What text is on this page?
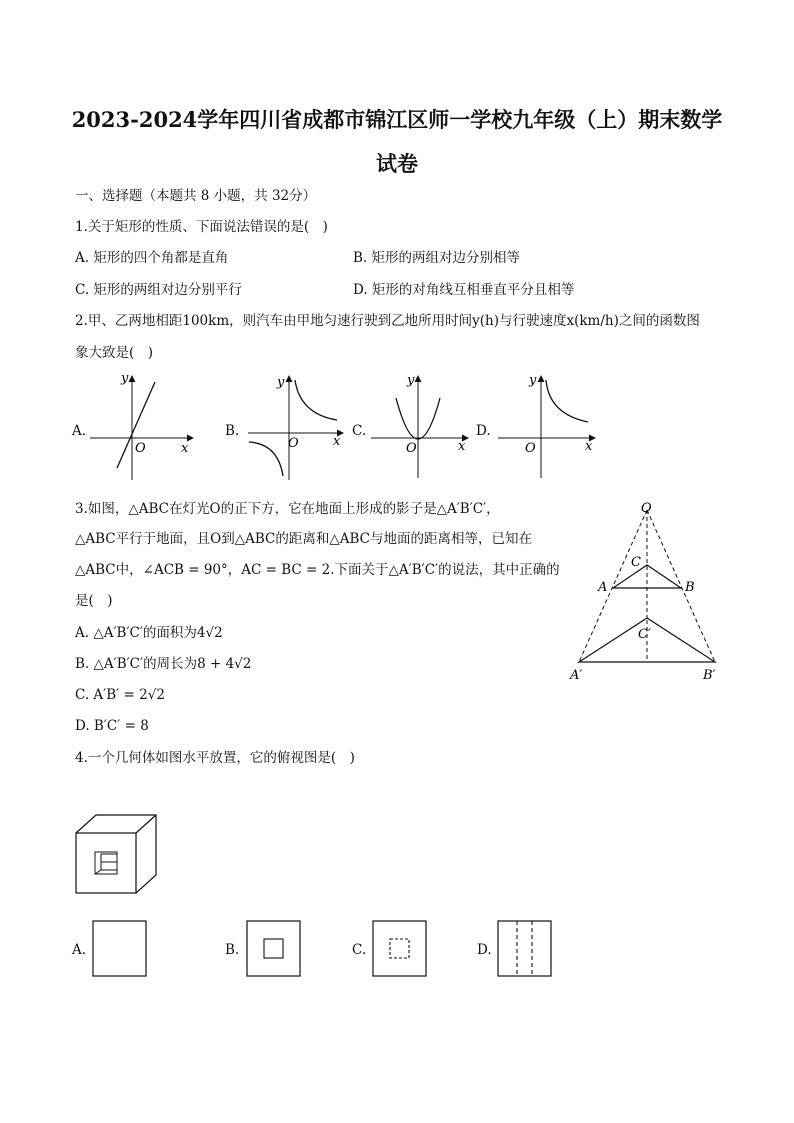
2023-2024学年四川省成都市锦江区师一学校九年级（上）期末数学
试卷
一、选择题（本题共 8 小题，共 32分）
1.关于矩形的性质、下面说法错误的是(　)
A. 矩形的四个角都是直角	B. 矩形的两组对边分别相等
C. 矩形的两组对边分别平行	D. 矩形的对角线互相垂直平分且相等
2.甲、乙两地相距100km，则汽车由甲地匀速行驶到乙地所用时间y(h)与行驶速度x(km/h)之间的函数图
象大致是(　)
A.	B.	C.	D.
y
x
O
y
x
O
y
x
O
y
x
O
3.如图，△ABC在灯光O的正下方，它在地面上形成的影子是△A′B′C′，
△ABC平行于地面，且O到△ABC的距离和△ABC与地面的距离相等，已知在
△ABC中，∠ACB = 90°，AC = BC = 2.下面关于△A′B′C′的说法，其中正确的
是(　)
A. △A′B′C′的面积为4√2
B. △A′B′C′的周长为8 + 4√2
C. A′B′ = 2√2
D. B′C′ = 8
O
C
A	B
C′
A′	B′
4.一个几何体如图水平放置，它的俯视图是(　)
A.	B.	C.	D.
